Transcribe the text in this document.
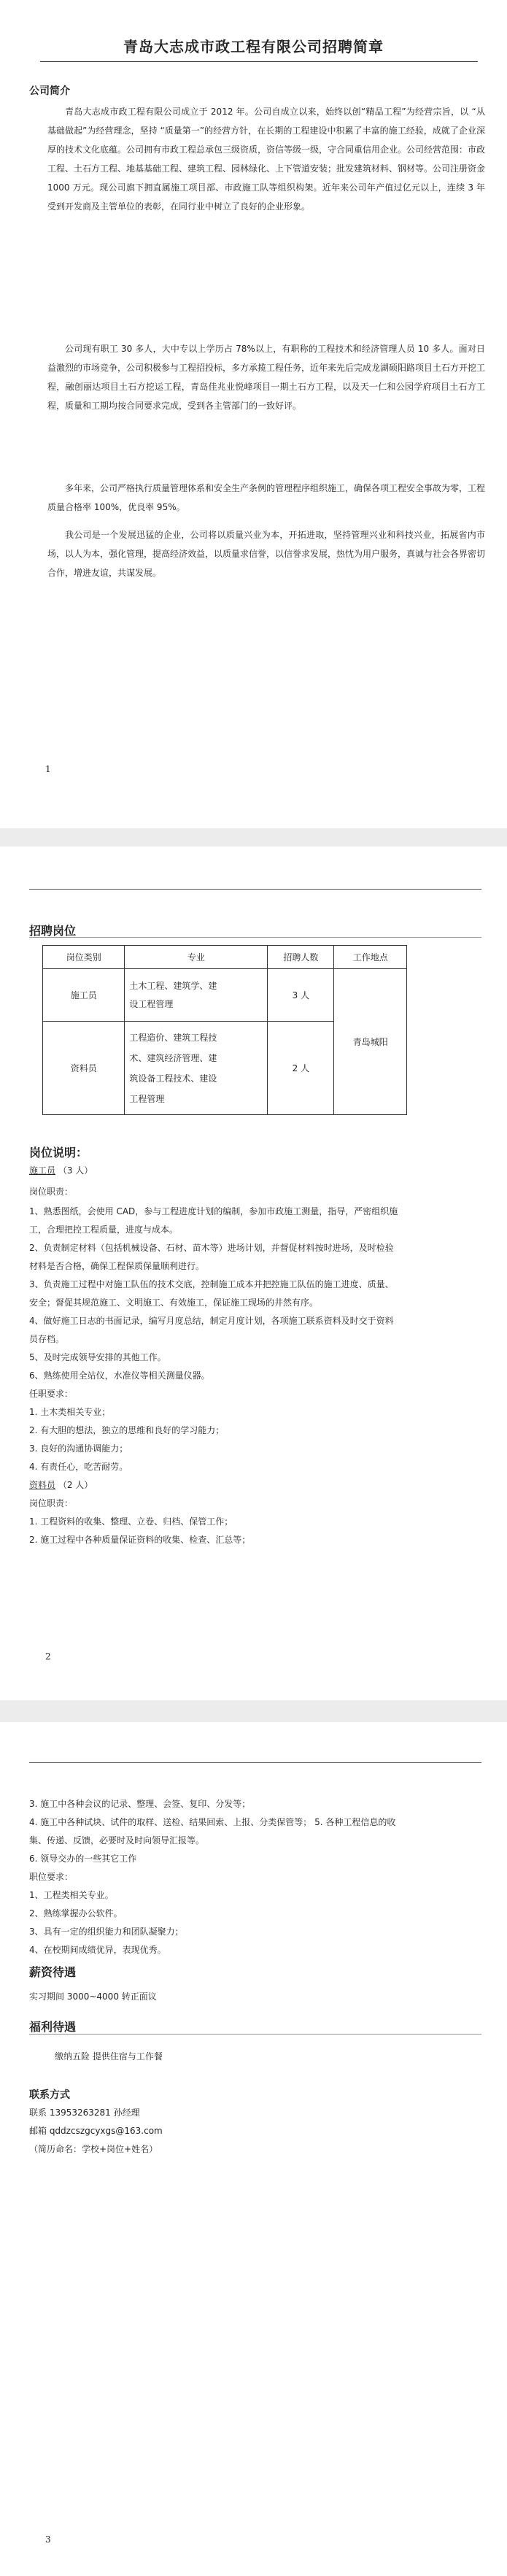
青岛大志成市政工程有限公司招聘简章
公司简介
青岛大志成市政工程有限公司成立于 2012 年。公司自成立以来，始终以创“精品工程”为经营宗旨，以 “从基础做起”为经营理念，坚持 “质量第一”的经营方针，在长期的工程建设中积累了丰富的施工经验，成就了企业深厚的技术文化底蕴。公司拥有市政工程总承包三级资质，资信等级一级，守合同重信用企业。公司经营范围：市政工程、土石方工程、地基基础工程、建筑工程、园林绿化、上下管道安装；批发建筑材料、钢材等。公司注册资金 1000 万元。现公司旗下拥直属施工项目部、市政施工队等组织构架。近年来公司年产值过亿元以上，连续 3 年受到开发商及主管单位的表彰，在同行业中树立了良好的企业形象。
公司现有职工 30 多人，大中专以上学历占 78%以上，有职称的工程技术和经济管理人员 10 多人。面对日益激烈的市场竞争，公司积极参与工程招投标，多方承揽工程任务，近年来先后完成龙湖硕阳路项目土石方开挖工程，融创丽达项目土石方挖运工程，青岛佳兆业悦峰项目一期土石方工程，以及天一仁和公园学府项目土石方工程，质量和工期均按合同要求完成，受到各主管部门的一致好评。
多年来，公司严格执行质量管理体系和安全生产条例的管理程序组织施工，确保各项工程安全事故为零，工程质量合格率 100%，优良率 95%。
我公司是一个发展迅猛的企业，公司将以质量兴业为本，开拓进取，坚持管理兴业和科技兴业，拓展省内市场，以人为本，强化管理，提高经济效益，以质量求信誉，以信誉求发展，热忱为用户服务，真诚与社会各界密切合作，增进友谊，共谋发展。
1
招聘岗位
岗位类别	专业	招聘人数	工作地点
施工员	土木工程、建筑学、建
设工程管理	3 人	青岛城阳
资料员	工程造价、建筑工程技
术、建筑经济管理、建
筑设备工程技术、建设
工程管理	2 人	
岗位说明：
施工员 （3 人）
岗位职责：
1、熟悉图纸，会使用 CAD，参与工程进度计划的编制，参加市政施工测量，指导，严密组织施
工，合理把控工程质量，进度与成本。
2、负责制定材料（包括机械设备、石材、苗木等）进场计划，并督促材料按时进场，及时检验
材料是否合格，确保工程保质保量顺利进行。
3、负责施工过程中对施工队伍的技术交底，控制施工成本并把控施工队伍的施工进度、质量、
安全；督促其规范施工、文明施工、有效施工，保证施工现场的井然有序。
4、做好施工日志的书面记录，编写月度总结，制定月度计划，各项施工联系资料及时交于资料
员存档。
5、及时完成领导安排的其他工作。
6、熟练使用全站仪，水准仪等相关测量仪器。
任职要求：
1. 土木类相关专业；
2. 有大胆的想法，独立的思维和良好的学习能力；
3. 良好的沟通协调能力；
4. 有责任心，吃苦耐劳。
资料员 （2 人）
岗位职责：
1. 工程资料的收集、整理、立卷、归档、保管工作；
2. 施工过程中各种质量保证资料的收集、检查、汇总等；
2
3. 施工中各种会议的记录、整理、会签、复印、分发等；
4. 施工中各种试块、试件的取样、送检、结果回索、上报、分类保管等； 5. 各种工程信息的收
集、传递、反馈，必要时及时向领导汇报等。
6. 领导交办的一些其它工作
职位要求：
1、工程类相关专业。
2、熟练掌握办公软件。
3、具有一定的组织能力和团队凝聚力；
4、在校期间成绩优异，表现优秀。
薪资待遇
实习期间 3000~4000 转正面议
福利待遇
缴纳五险 提供住宿与工作餐
联系方式
联系 13953263281 孙经理
邮箱 qddzcszgcyxgs@163.com
（简历命名：学校+岗位+姓名）
3
